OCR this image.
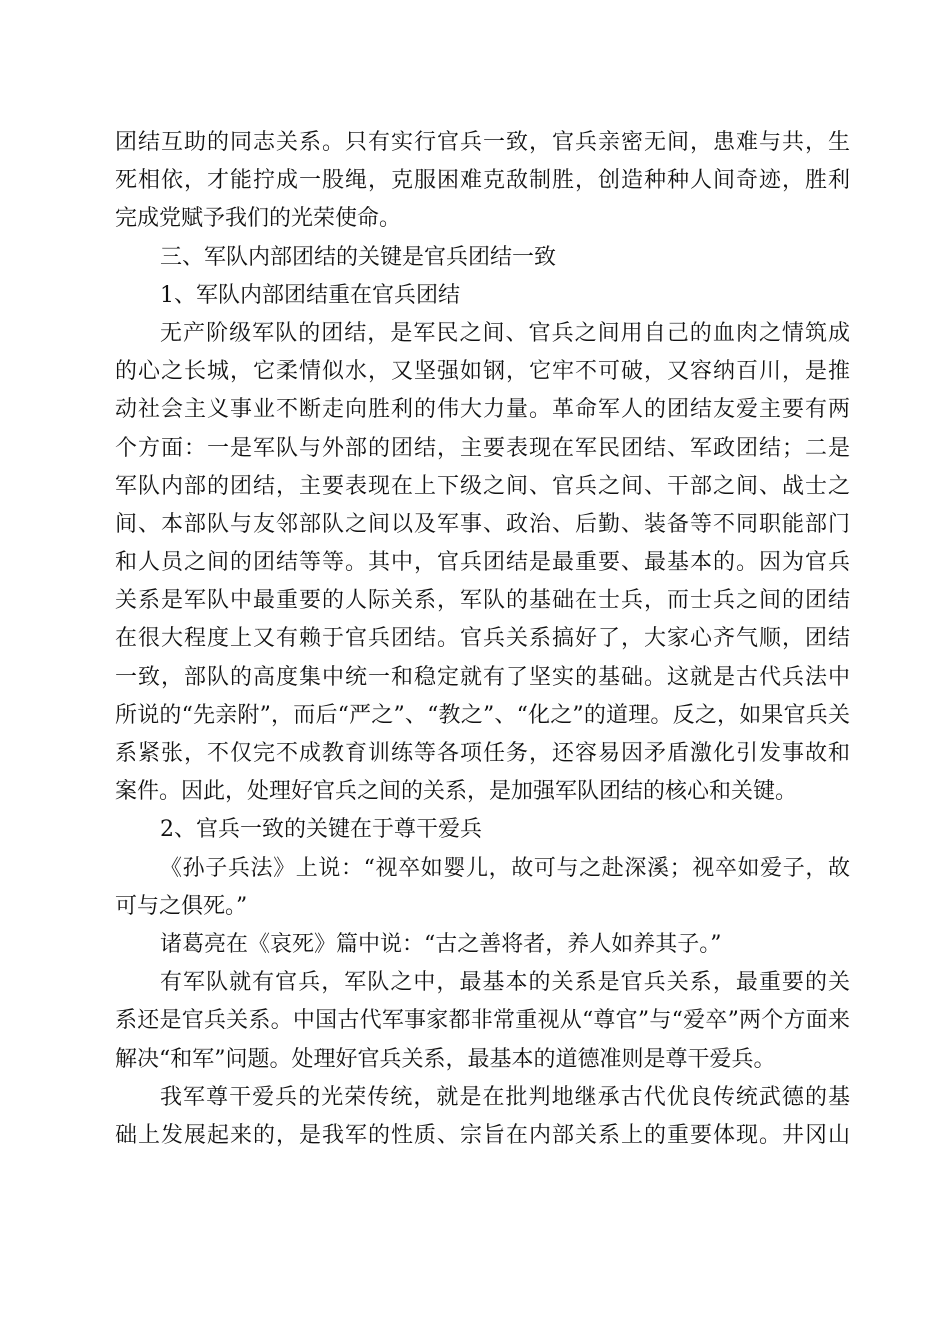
团结互助的同志关系。只有实行官兵一致，官兵亲密无间，患难与共，生
死相依，才能拧成一股绳，克服困难克敌制胜，创造种种人间奇迹，胜利
完成党赋予我们的光荣使命。
三、军队内部团结的关键是官兵团结一致
1、军队内部团结重在官兵团结
无产阶级军队的团结，是军民之间、官兵之间用自己的血肉之情筑成
的心之长城，它柔情似水，又坚强如钢，它牢不可破，又容纳百川，是推
动社会主义事业不断走向胜利的伟大力量。革命军人的团结友爱主要有两
个方面：一是军队与外部的团结，主要表现在军民团结、军政团结；二是
军队内部的团结，主要表现在上下级之间、官兵之间、干部之间、战士之
间、本部队与友邻部队之间以及军事、政治、后勤、装备等不同职能部门
和人员之间的团结等等。其中，官兵团结是最重要、最基本的。因为官兵
关系是军队中最重要的人际关系，军队的基础在士兵，而士兵之间的团结
在很大程度上又有赖于官兵团结。官兵关系搞好了，大家心齐气顺，团结
一致，部队的高度集中统一和稳定就有了坚实的基础。这就是古代兵法中
所说的“先亲附”，而后“严之”、“教之”、“化之”的道理。反之，如果官兵关
系紧张，不仅完不成教育训练等各项任务，还容易因矛盾激化引发事故和
案件。因此，处理好官兵之间的关系，是加强军队团结的核心和关键。
2、官兵一致的关键在于尊干爱兵
《孙子兵法》上说：“视卒如婴儿，故可与之赴深溪；视卒如爱子，故
可与之俱死。”
诸葛亮在《哀死》篇中说：“古之善将者，养人如养其子。”
有军队就有官兵，军队之中，最基本的关系是官兵关系，最重要的关
系还是官兵关系。中国古代军事家都非常重视从“尊官”与“爱卒”两个方面来
解决“和军”问题。处理好官兵关系，最基本的道德准则是尊干爱兵。
我军尊干爱兵的光荣传统，就是在批判地继承古代优良传统武德的基
础上发展起来的，是我军的性质、宗旨在内部关系上的重要体现。井冈山
